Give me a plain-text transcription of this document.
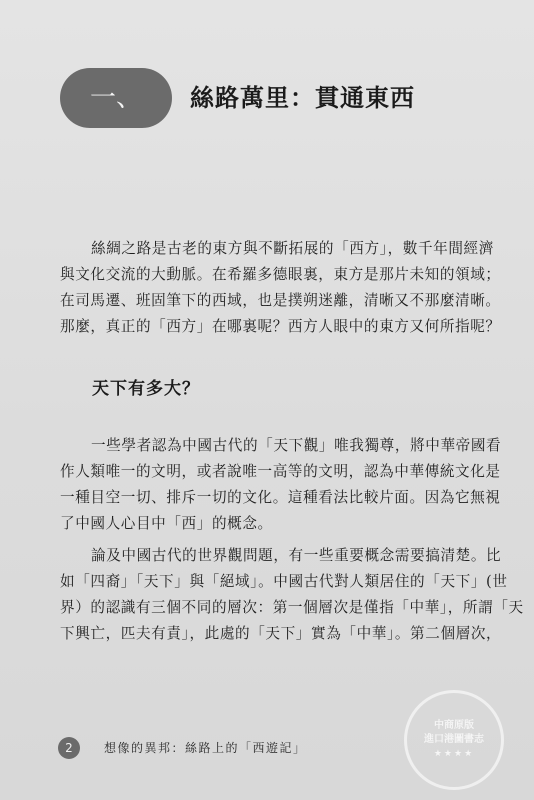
一、	絲路萬里：貫通東西
絲綢之路是古老的東方與不斷拓展的「西方」，數千年間經濟
與文化交流的大動脈。在希羅多德眼裏，東方是那片未知的領域；
在司馬遷、班固筆下的西域，也是撲朔迷離，清晰又不那麼清晰。
那麼，真正的「西方」在哪裏呢？西方人眼中的東方又何所指呢？
天下有多大？
一些學者認為中國古代的「天下觀」唯我獨尊，將中華帝國看
作人類唯一的文明，或者說唯一高等的文明，認為中華傳統文化是
一種目空一切、排斥一切的文化。這種看法比較片面。因為它無視
了中國人心目中「西」的概念。
論及中國古代的世界觀問題，有一些重要概念需要搞清楚。比
如「四裔」「天下」與「絕域」。中國古代對人類居住的「天下」(世
界）的認識有三個不同的層次：第一個層次是僅指「中華」，所謂「天
下興亡，匹夫有責」，此處的「天下」實為「中華」。第二個層次，
2	想像的異邦：絲路上的「西遊記」
中商原版
進口港圖書志
★★★★
